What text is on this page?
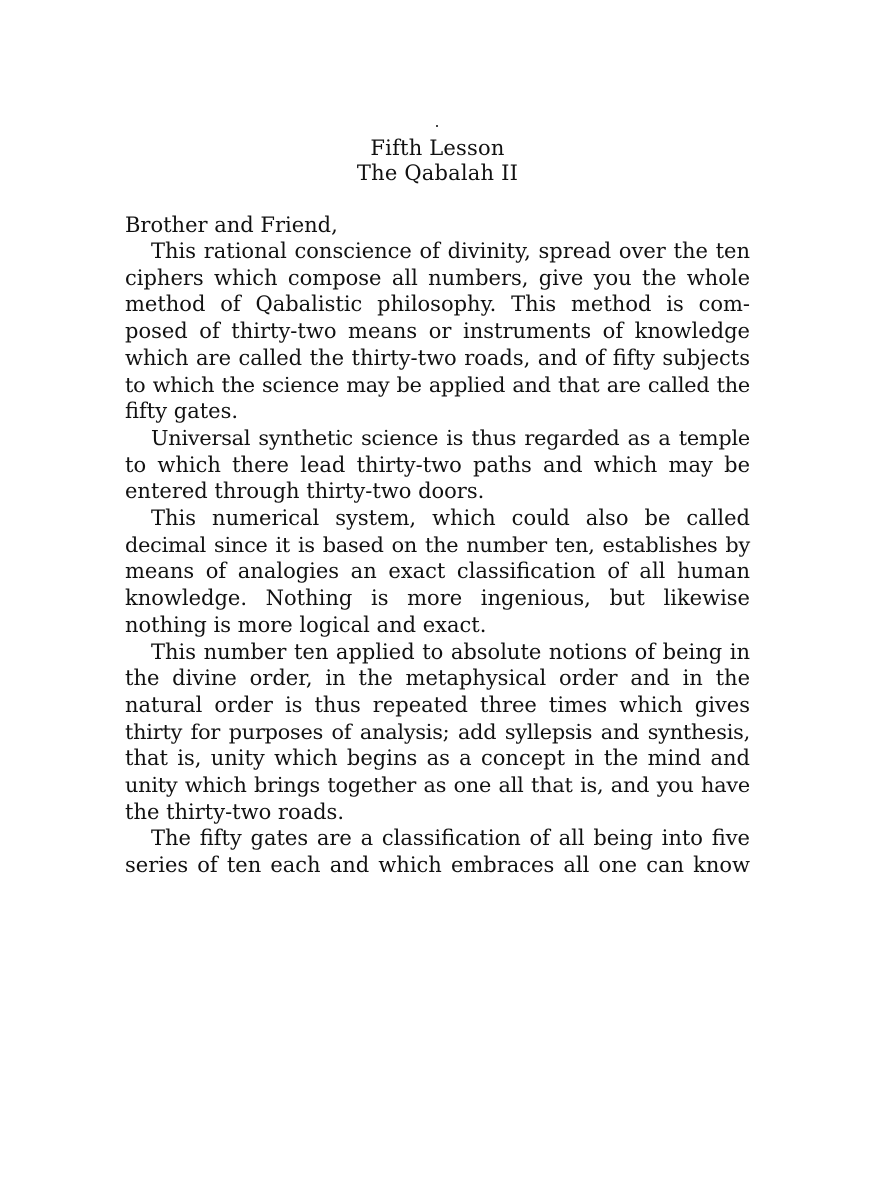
Fifth Lesson
The Qabalah II
Brother and Friend,

This rational conscience of divinity, spread over the ten
ciphers which compose all numbers, give you the whole
method of Qabalistic philosophy. This method is com-
posed of thirty-two means or instruments of knowledge
which are called the thirty-two roads, and of fifty subjects
to which the science may be applied and that are called the
fifty gates.

Universal synthetic science is thus regarded as a temple
to which there lead thirty-two paths and which may be
entered through thirty-two doors.

This numerical system, which could also be called
decimal since it is based on the number ten, establishes by
means of analogies an exact classification of all human
knowledge. Nothing is more ingenious, but likewise
nothing is more logical and exact.

This number ten applied to absolute notions of being in
the divine order, in the metaphysical order and in the
natural order is thus repeated three times which gives
thirty for purposes of analysis; add syllepsis and synthesis,
that is, unity which begins as a concept in the mind and
unity which brings together as one all that is, and you have
the thirty-two roads.

The fifty gates are a classification of all being into five
series of ten each and which embraces all one can know
